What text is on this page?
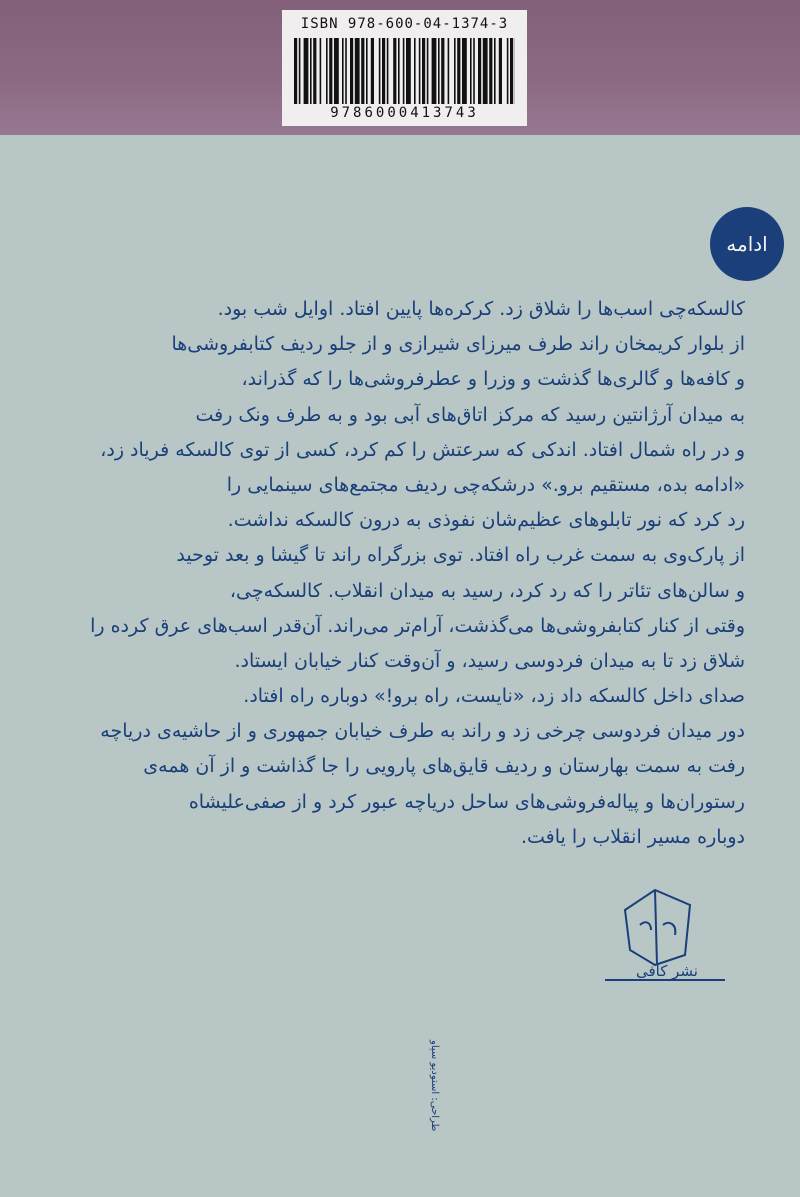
ISBN 978-600-04-1374-3
9786000413743
ادامه
کالسکه‌چی اسب‌ها را شلاق زد. کرکره‌ها پایین افتاد. اوایل شب بود.
از بلوار کریمخان راند طرف میرزای شیرازی و از جلو ردیف کتابفروشی‌ها
و کافه‌ها و گالری‌ها گذشت و وزرا و عطرفروشی‌ها را که گذراند،
به میدان آرژانتین رسید که مرکز اتاق‌های آبی بود و به طرف ونک رفت
و در راه شمال افتاد. اندکی که سرعتش را کم کرد، کسی از توی کالسکه فریاد زد،
«ادامه بده، مستقیم برو.» درشکه‌چی ردیف مجتمع‌های سینمایی را
رد کرد که نور تابلوهای عظیم‌شان نفوذی به درون کالسکه نداشت.
از پارک‌وی به سمت غرب راه افتاد. توی بزرگراه راند تا گیشا و بعد توحید
و سالن‌های تئاتر را که رد کرد، رسید به میدان انقلاب. کالسکه‌چی،
وقتی از کنار کتابفروشی‌ها می‌گذشت، آرام‌تر می‌راند. آن‌قدر اسب‌های عرق کرده را
شلاق زد تا به میدان فردوسی رسید، و آن‌وقت کنار خیابان ایستاد.
صدای داخل کالسکه داد زد، «نایست، راه برو!» دوباره راه افتاد.
دور میدان فردوسی چرخی زد و راند به طرف خیابان جمهوری و از حاشیه‌ی دریاچه
رفت به سمت بهارستان و ردیف قایق‌های پارویی را جا گذاشت و از آن همه‌ی
رستوران‌ها و پیاله‌فروشی‌های ساحل دریاچه عبور کرد و از صفی‌علیشاه
دوباره مسیر انقلاب را یافت.
نشر کافی
طراحی: استودیو سپاو
